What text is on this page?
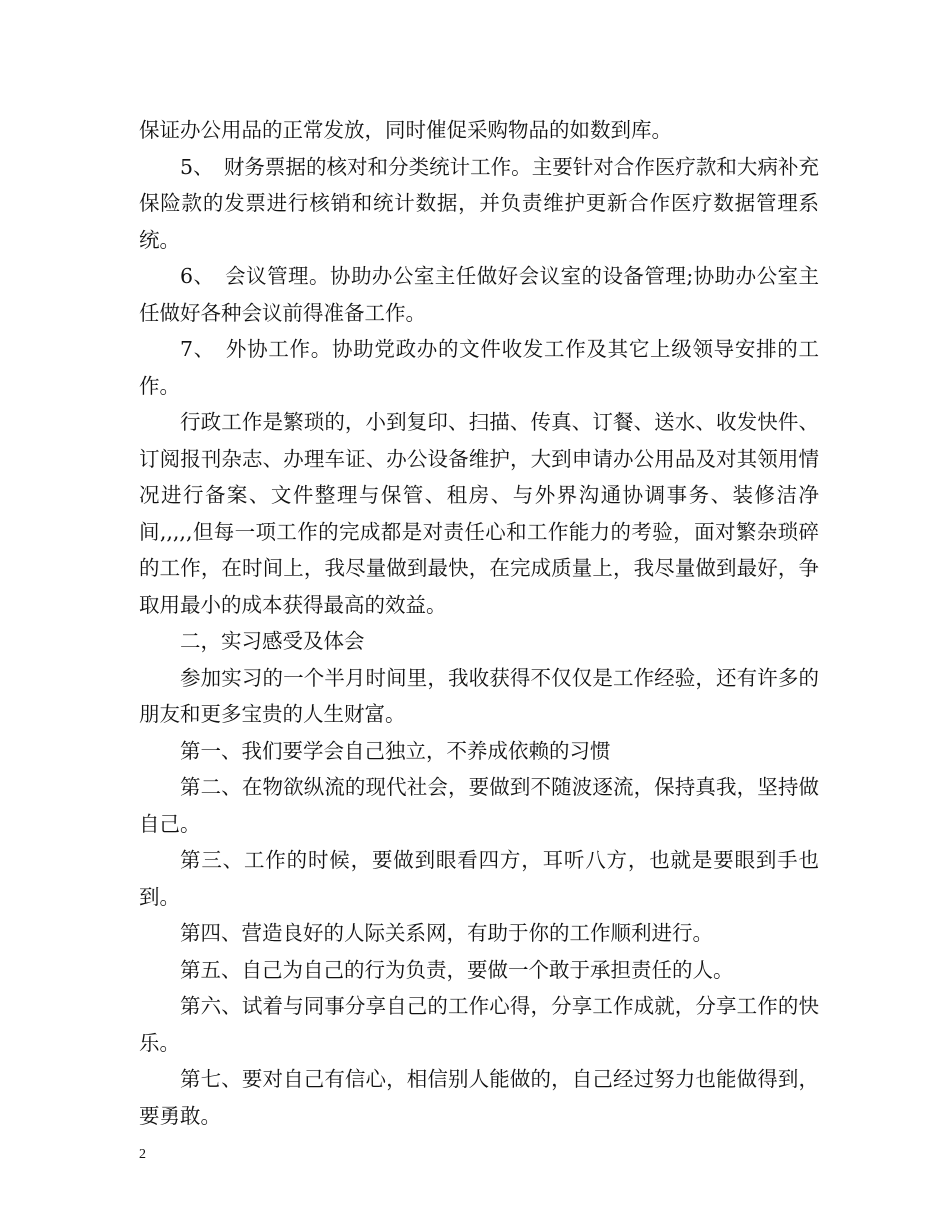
保证办公用品的正常发放，同时催促采购物品的如数到库。

5、　财务票据的核对和分类统计工作。主要针对合作医疗款和大病补充保险款的发票进行核销和统计数据，并负责维护更新合作医疗数据管理系统。

6、　会议管理。协助办公室主任做好会议室的设备管理;协助办公室主任做好各种会议前得准备工作。

7、　外协工作。协助党政办的文件收发工作及其它上级领导安排的工作。

行政工作是繁琐的，小到复印、扫描、传真、订餐、送水、收发快件、订阅报刊杂志、办理车证、办公设备维护，大到申请办公用品及对其领用情况进行备案、文件整理与保管、租房、与外界沟通协调事务、装修洁净间,,,,,但每一项工作的完成都是对责任心和工作能力的考验，面对繁杂琐碎的工作，在时间上，我尽量做到最快，在完成质量上，我尽量做到最好，争取用最小的成本获得最高的效益。

二，实习感受及体会

参加实习的一个半月时间里，我收获得不仅仅是工作经验，还有许多的朋友和更多宝贵的人生财富。

第一、我们要学会自己独立，不养成依赖的习惯

第二、在物欲纵流的现代社会，要做到不随波逐流，保持真我，坚持做自己。

第三、工作的时候，要做到眼看四方，耳听八方，也就是要眼到手也到。

第四、营造良好的人际关系网，有助于你的工作顺利进行。

第五、自己为自己的行为负责，要做一个敢于承担责任的人。

第六、试着与同事分享自己的工作心得，分享工作成就，分享工作的快乐。

第七、要对自己有信心，相信别人能做的，自己经过努力也能做得到，要勇敢。

2
